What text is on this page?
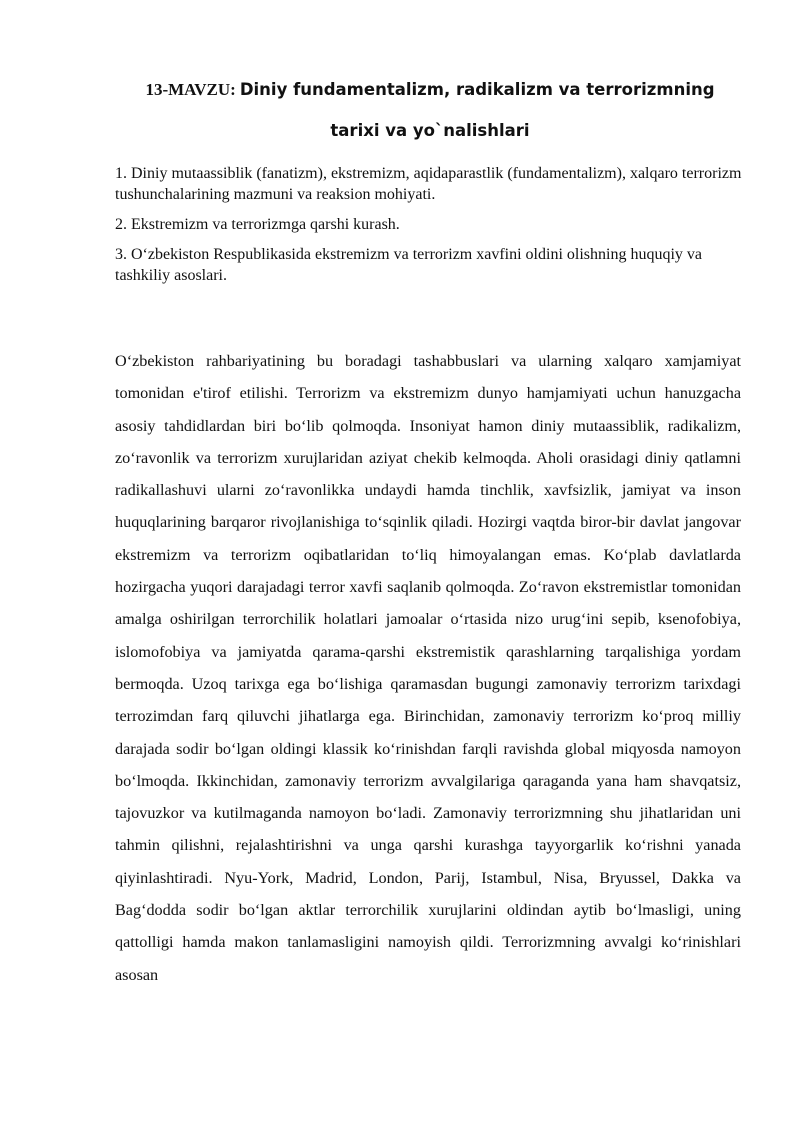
13-MAVZU: Diniy fundamentalizm, radikalizm va terrorizmning

tarixi va yo`nalishlari

1. Diniy mutaassiblik (fanatizm), ekstremizm, aqidaparastlik (fundamentalizm), xalqaro terrorizm tushunchalarining mazmuni va reaksion mohiyati.

2. Ekstremizm va terrorizmga qarshi kurash.

3. O‘zbekiston Respublikasida ekstremizm va terrorizm xavfini oldini olishning huquqiy va tashkiliy asoslari.

O‘zbekiston rahbariyatining bu boradagi tashabbuslari va ularning xalqaro xamjamiyat tomonidan e'tirof etilishi. Terrorizm va ekstremizm dunyo hamjamiyati uchun hanuzgacha asosiy tahdidlardan biri bo‘lib qolmoqda. Insoniyat hamon diniy mutaassiblik, radikalizm, zo‘ravonlik va terrorizm xurujlaridan aziyat chekib kelmoqda. Aholi orasidagi diniy qatlamni radikallashuvi ularni zo‘ravonlikka undaydi hamda tinchlik, xavfsizlik, jamiyat va inson huquqlarining barqaror rivojlanishiga to‘sqinlik qiladi. Hozirgi vaqtda biror-bir davlat jangovar ekstremizm va terrorizm oqibatlaridan to‘liq himoyalangan emas. Ko‘plab davlatlarda hozirgacha yuqori darajadagi terror xavfi saqlanib qolmoqda. Zo‘ravon ekstremistlar tomonidan amalga oshirilgan terrorchilik holatlari jamoalar o‘rtasida nizo urug‘ini sepib, ksenofobiya, islomofobiya va jamiyatda qarama-qarshi ekstremistik qarashlarning tarqalishiga yordam bermoqda. Uzoq tarixga ega bo‘lishiga qaramasdan bugungi zamonaviy terrorizm tarixdagi terrozimdan farq qiluvchi jihatlarga ega. Birinchidan, zamonaviy terrorizm ko‘proq milliy darajada sodir bo‘lgan oldingi klassik ko‘rinishdan farqli ravishda global miqyosda namoyon bo‘lmoqda. Ikkinchidan, zamonaviy terrorizm avvalgilariga qaraganda yana ham shavqatsiz, tajovuzkor va kutilmaganda namoyon bo‘ladi. Zamonaviy terrorizmning shu jihatlaridan uni tahmin qilishni, rejalashtirishni va unga qarshi kurashga tayyorgarlik ko‘rishni yanada qiyinlashtiradi. Nyu-York, Madrid, London, Parij, Istambul, Nisa, Bryussel, Dakka va Bag‘dodda sodir bo‘lgan aktlar terrorchilik xurujlarini oldindan aytib bo‘lmasligi, uning qattolligi hamda makon tanlamasligini namoyish qildi. Terrorizmning avvalgi ko‘rinishlari asosan
